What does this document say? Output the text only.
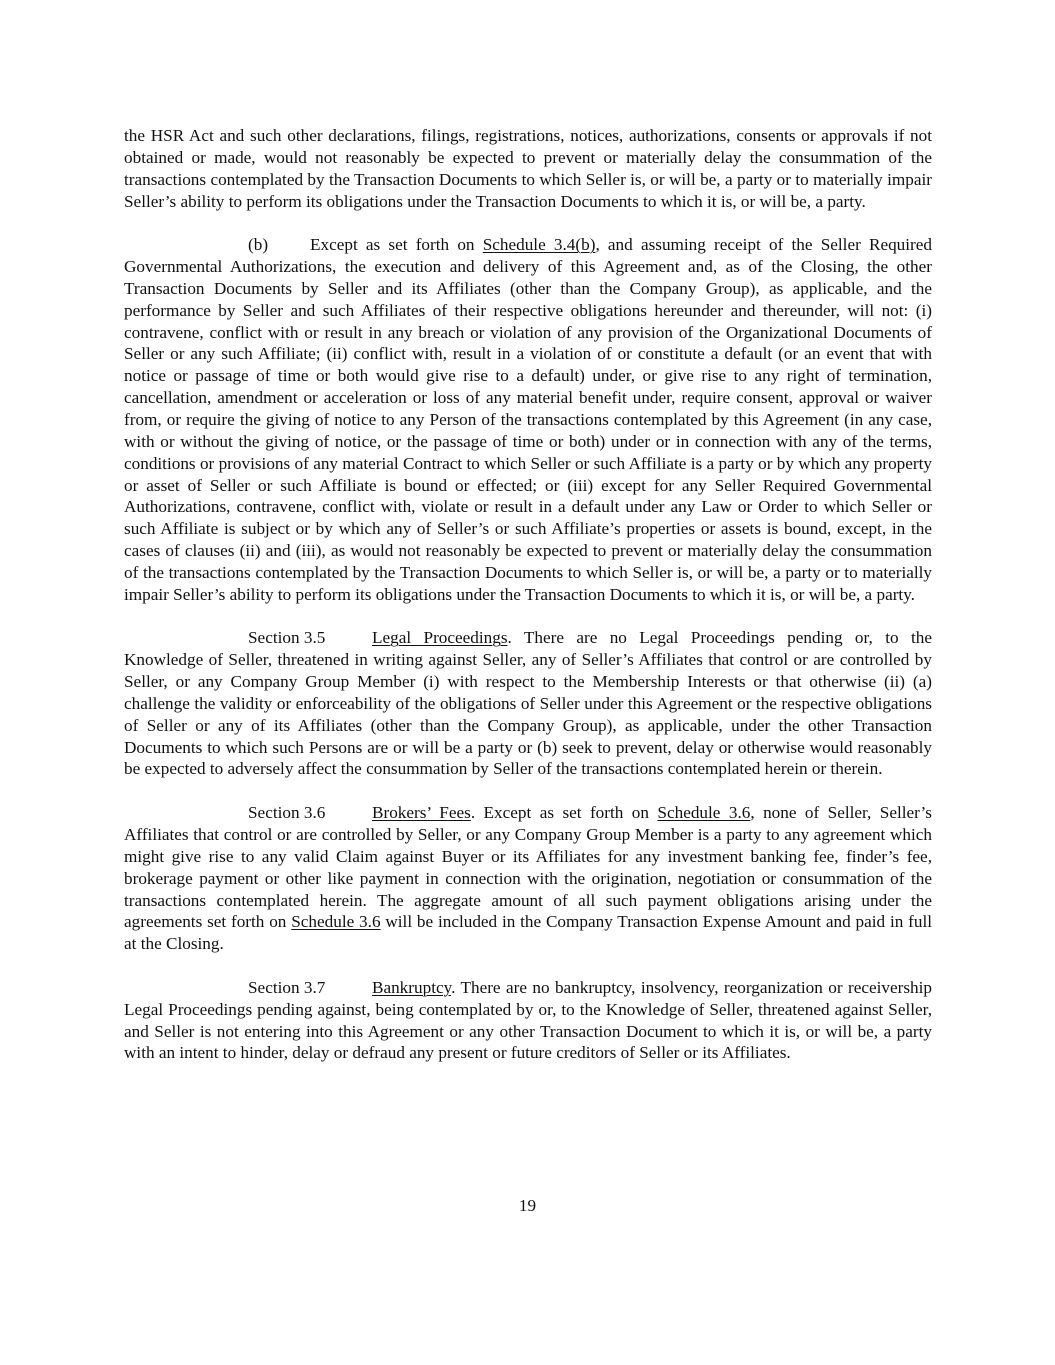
the HSR Act and such other declarations, filings, registrations, notices, authorizations, consents or approvals if not obtained or made, would not reasonably be expected to prevent or materially delay the consummation of the transactions contemplated by the Transaction Documents to which Seller is, or will be, a party or to materially impair Seller’s ability to perform its obligations under the Transaction Documents to which it is, or will be, a party.

(b) Except as set forth on Schedule 3.4(b), and assuming receipt of the Seller Required Governmental Authorizations, the execution and delivery of this Agreement and, as of the Closing, the other Transaction Documents by Seller and its Affiliates (other than the Company Group), as applicable, and the performance by Seller and such Affiliates of their respective obligations hereunder and thereunder, will not: (i) contravene, conflict with or result in any breach or violation of any provision of the Organizational Documents of Seller or any such Affiliate; (ii) conflict with, result in a violation of or constitute a default (or an event that with notice or passage of time or both would give rise to a default) under, or give rise to any right of termination, cancellation, amendment or acceleration or loss of any material benefit under, require consent, approval or waiver from, or require the giving of notice to any Person of the transactions contemplated by this Agreement (in any case, with or without the giving of notice, or the passage of time or both) under or in connection with any of the terms, conditions or provisions of any material Contract to which Seller or such Affiliate is a party or by which any property or asset of Seller or such Affiliate is bound or effected; or (iii) except for any Seller Required Governmental Authorizations, contravene, conflict with, violate or result in a default under any Law or Order to which Seller or such Affiliate is subject or by which any of Seller’s or such Affiliate’s properties or assets is bound, except, in the cases of clauses (ii) and (iii), as would not reasonably be expected to prevent or materially delay the consummation of the transactions contemplated by the Transaction Documents to which Seller is, or will be, a party or to materially impair Seller’s ability to perform its obligations under the Transaction Documents to which it is, or will be, a party.

Section 3.5	Legal Proceedings. There are no Legal Proceedings pending or, to the Knowledge of Seller, threatened in writing against Seller, any of Seller’s Affiliates that control or are controlled by Seller, or any Company Group Member (i) with respect to the Membership Interests or that otherwise (ii) (a) challenge the validity or enforceability of the obligations of Seller under this Agreement or the respective obligations of Seller or any of its Affiliates (other than the Company Group), as applicable, under the other Transaction Documents to which such Persons are or will be a party or (b) seek to prevent, delay or otherwise would reasonably be expected to adversely affect the consummation by Seller of the transactions contemplated herein or therein.

Section 3.6	Brokers’ Fees. Except as set forth on Schedule 3.6, none of Seller, Seller’s Affiliates that control or are controlled by Seller, or any Company Group Member is a party to any agreement which might give rise to any valid Claim against Buyer or its Affiliates for any investment banking fee, finder’s fee, brokerage payment or other like payment in connection with the origination, negotiation or consummation of the transactions contemplated herein. The aggregate amount of all such payment obligations arising under the agreements set forth on Schedule 3.6 will be included in the Company Transaction Expense Amount and paid in full at the Closing.

Section 3.7	Bankruptcy. There are no bankruptcy, insolvency, reorganization or receivership Legal Proceedings pending against, being contemplated by or, to the Knowledge of Seller, threatened against Seller, and Seller is not entering into this Agreement or any other Transaction Document to which it is, or will be, a party with an intent to hinder, delay or defraud any present or future creditors of Seller or its Affiliates.

19
